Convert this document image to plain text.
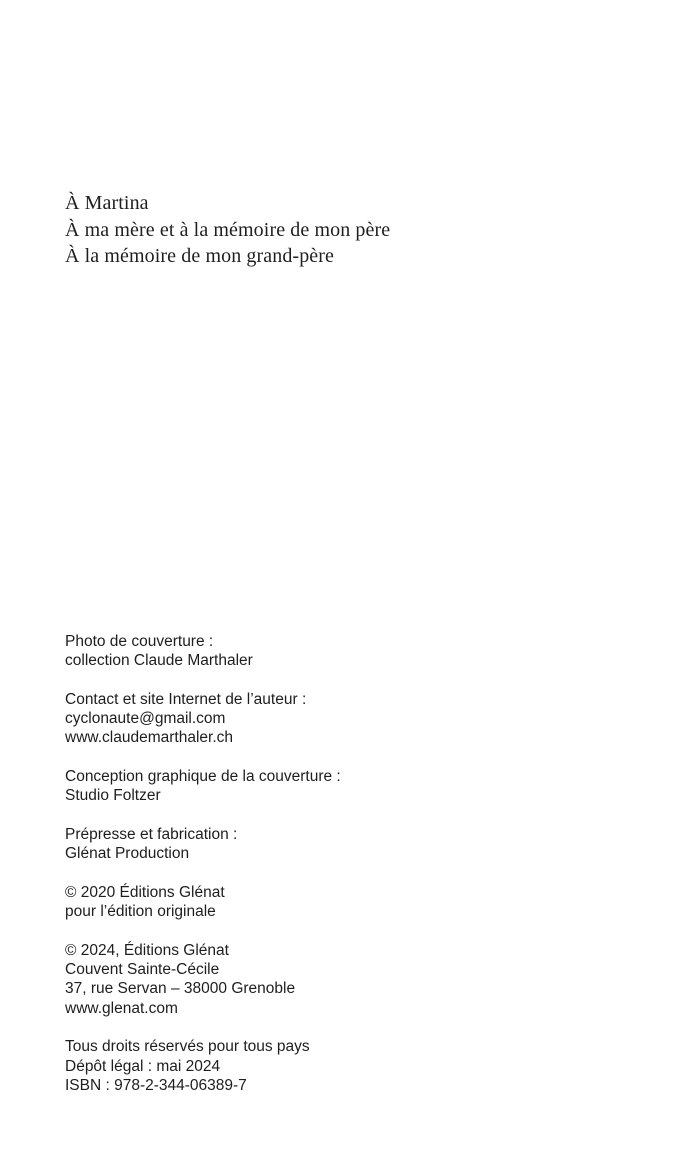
À Martina
À ma mère et à la mémoire de mon père
À la mémoire de mon grand-père
Photo de couverture :
collection Claude Marthaler
Contact et site Internet de l’auteur :
cyclonaute@gmail.com
www.claudemarthaler.ch
Conception graphique de la couverture :
Studio Foltzer
Prépresse et fabrication :
Glénat Production
© 2020 Éditions Glénat
pour l’édition originale
© 2024, Éditions Glénat
Couvent Sainte-Cécile
37, rue Servan – 38000 Grenoble
www.glenat.com
Tous droits réservés pour tous pays
Dépôt légal : mai 2024
ISBN : 978-2-344-06389-7
